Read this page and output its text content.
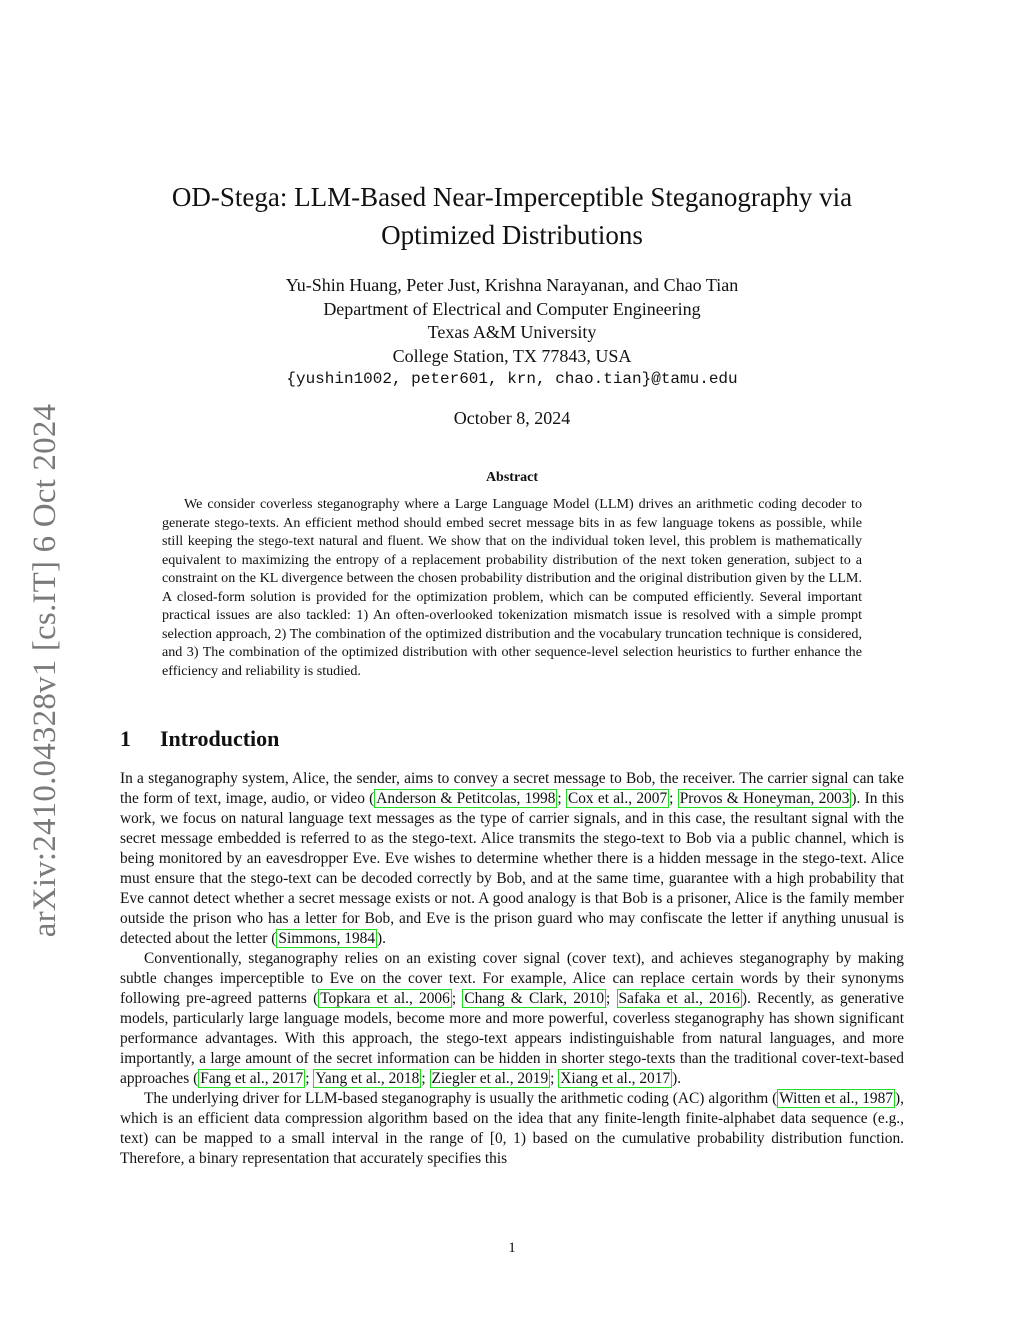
arXiv:2410.04328v1 [cs.IT] 6 Oct 2024
OD-Stega: LLM-Based Near-Imperceptible Steganography via
Optimized Distributions
Yu-Shin Huang, Peter Just, Krishna Narayanan, and Chao Tian
Department of Electrical and Computer Engineering
Texas A&M University
College Station, TX 77843, USA
{yushin1002, peter601, krn, chao.tian}@tamu.edu
October 8, 2024
Abstract

We consider coverless steganography where a Large Language Model (LLM) drives an arithmetic coding decoder to generate stego-texts. An efficient method should embed secret message bits in as few language tokens as possible, while still keeping the stego-text natural and fluent. We show that on the individual token level, this problem is mathematically equivalent to maximizing the entropy of a replacement probability distribution of the next token generation, subject to a constraint on the KL divergence between the chosen probability distribution and the original distribution given by the LLM. A closed-form solution is provided for the optimization problem, which can be computed efficiently. Several important practical issues are also tackled: 1) An often-overlooked tokenization mismatch issue is resolved with a simple prompt selection approach, 2) The combination of the optimized distribution and the vocabulary truncation technique is considered, and 3) The combination of the optimized distribution with other sequence-level selection heuristics to further enhance the efficiency and reliability is studied.

1 Introduction

In a steganography system, Alice, the sender, aims to convey a secret message to Bob, the receiver. The carrier signal can take the form of text, image, audio, or video ( Anderson & Petitcolas, 1998 ; Cox et al., 2007 ; Provos & Honeyman, 2003 ). In this work, we focus on natural language text messages as the type of carrier signals, and in this case, the resultant signal with the secret message embedded is referred to as the stego-text. Alice transmits the stego-text to Bob via a public channel, which is being monitored by an eavesdropper Eve. Eve wishes to determine whether there is a hidden message in the stego-text. Alice must ensure that the stego-text can be decoded correctly by Bob, and at the same time, guarantee with a high probability that Eve cannot detect whether a secret message exists or not. A good analogy is that Bob is a prisoner, Alice is the family member outside the prison who has a letter for Bob, and Eve is the prison guard who may confiscate the letter if anything unusual is detected about the letter ( Simmons, 1984 ).

Conventionally, steganography relies on an existing cover signal (cover text), and achieves steganography by making subtle changes imperceptible to Eve on the cover text. For example, Alice can replace certain words by their synonyms following pre-agreed patterns ( Topkara et al., 2006 ; Chang & Clark, 2010 ; Safaka et al., 2016 ). Recently, as generative models, particularly large language models, become more and more powerful, coverless steganography has shown significant performance advantages. With this approach, the stego-text appears indistinguishable from natural languages, and more importantly, a large amount of the secret information can be hidden in shorter stego-texts than the traditional cover-text-based approaches ( Fang et al., 2017 ; Yang et al., 2018 ; Ziegler et al., 2019 ; Xiang et al., 2017 ).

The underlying driver for LLM-based steganography is usually the arithmetic coding (AC) algorithm ( Witten et al., 1987 ), which is an efficient data compression algorithm based on the idea that any finite-length finite-alphabet data sequence (e.g., text) can be mapped to a small interval in the range of [0, 1) based on the cumulative probability distribution function. Therefore, a binary representation that accurately specifies this

1
